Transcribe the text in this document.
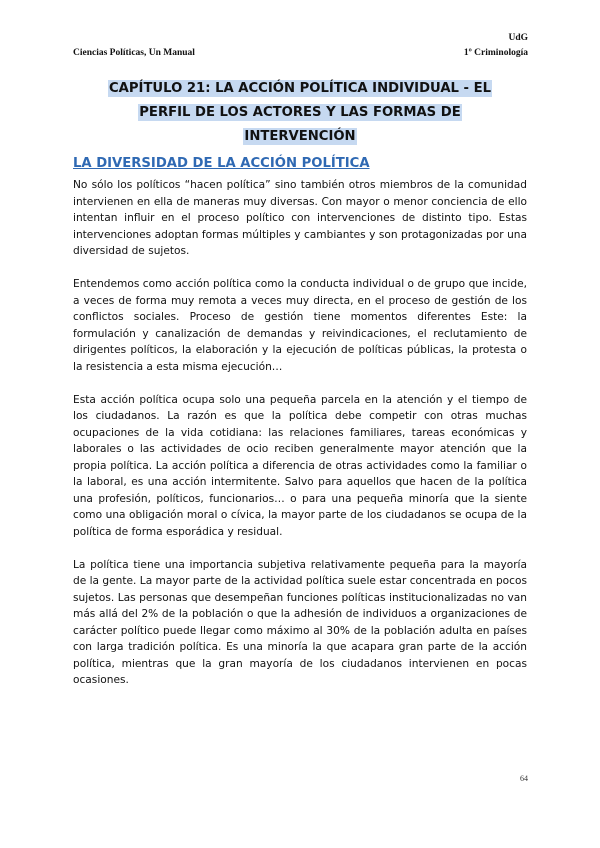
Ciencias Políticas, Un Manual
UdG
1º Criminología
CAPÍTULO 21: LA ACCIÓN POLÍTICA INDIVIDUAL - EL
PERFIL DE LOS ACTORES Y LAS FORMAS DE
INTERVENCIÓN
LA DIVERSIDAD DE LA ACCIÓN POLÍTICA

No sólo los políticos “hacen política” sino también otros miembros de la comunidad intervienen en ella de maneras muy diversas. Con mayor o menor conciencia de ello intentan influir en el proceso político con intervenciones de distinto tipo. Estas intervenciones adoptan formas múltiples y cambiantes y son protagonizadas por una diversidad de sujetos.

Entendemos como acción política como la conducta individual o de grupo que incide, a veces de forma muy remota a veces muy directa, en el proceso de gestión de los conflictos sociales. Proceso de gestión tiene momentos diferentes Este: la formulación y canalización de demandas y reivindicaciones, el reclutamiento de dirigentes políticos, la elaboración y la ejecución de políticas públicas, la protesta o la resistencia a esta misma ejecución…

Esta acción política ocupa solo una pequeña parcela en la atención y el tiempo de los ciudadanos. La razón es que la política debe competir con otras muchas ocupaciones de la vida cotidiana: las relaciones familiares, tareas económicas y laborales o las actividades de ocio reciben generalmente mayor atención que la propia política. La acción política a diferencia de otras actividades como la familiar o la laboral, es una acción intermitente. Salvo para aquellos que hacen de la política una profesión, políticos, funcionarios… o para una pequeña minoría que la siente como una obligación moral o cívica, la mayor parte de los ciudadanos se ocupa de la política de forma esporádica y residual.

La política tiene una importancia subjetiva relativamente pequeña para la mayoría de la gente. La mayor parte de la actividad política suele estar concentrada en pocos sujetos. Las personas que desempeñan funciones políticas institucionalizadas no van más allá del 2% de la población o que la adhesión de individuos a organizaciones de carácter político puede llegar como máximo al 30% de la población adulta en países con larga tradición política. Es una minoría la que acapara gran parte de la acción política, mientras que la gran mayoría de los ciudadanos intervienen en pocas ocasiones.

64
